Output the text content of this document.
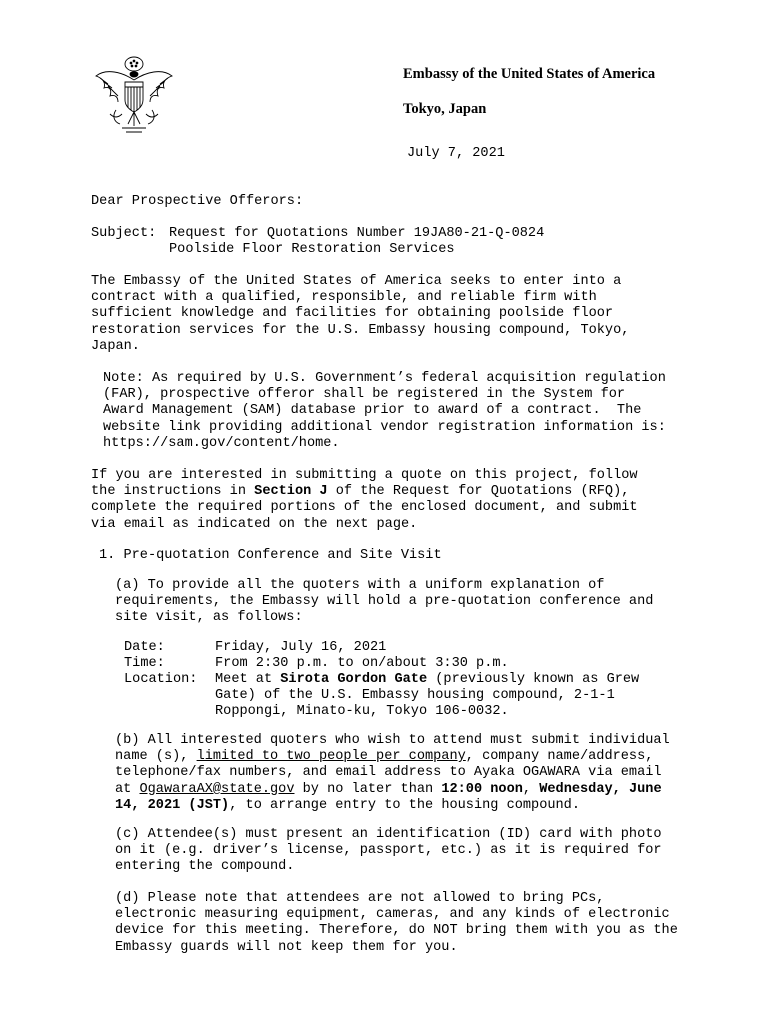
Embassy of the United States of America
Tokyo, Japan
July 7, 2021
Dear Prospective Offerors:
Subject: Request for Quotations Number 19JA80-21-Q-0824
Poolside Floor Restoration Services
The Embassy of the United States of America seeks to enter into a
contract with a qualified, responsible, and reliable firm with
sufficient knowledge and facilities for obtaining poolside floor
restoration services for the U.S. Embassy housing compound, Tokyo,
Japan.
Note: As required by U.S. Government’s federal acquisition regulation
(FAR), prospective offeror shall be registered in the System for
Award Management (SAM) database prior to award of a contract.  The
website link providing additional vendor registration information is:
https://sam.gov/content/home.
If you are interested in submitting a quote on this project, follow
the instructions in Section J of the Request for Quotations (RFQ),
complete the required portions of the enclosed document, and submit
via email as indicated on the next page.
1. Pre-quotation Conference and Site Visit
(a) To provide all the quoters with a uniform explanation of
requirements, the Embassy will hold a pre-quotation conference and
site visit, as follows:
Date:	Friday, July 16, 2021
Time:	From 2:30 p.m. to on/about 3:30 p.m.
Location: Meet at Sirota Gordon Gate (previously known as Grew
Gate) of the U.S. Embassy housing compound, 2-1-1
Roppongi, Minato-ku, Tokyo 106-0032.
(b) All interested quoters who wish to attend must submit individual
name (s), limited to two people per company, company name/address,
telephone/fax numbers, and email address to Ayaka OGAWARA via email
at OgawaraAX@state.gov by no later than 12:00 noon, Wednesday, June
14, 2021 (JST), to arrange entry to the housing compound.
(c) Attendee(s) must present an identification (ID) card with photo
on it (e.g. driver’s license, passport, etc.) as it is required for
entering the compound.
(d) Please note that attendees are not allowed to bring PCs,
electronic measuring equipment, cameras, and any kinds of electronic
device for this meeting. Therefore, do NOT bring them with you as the
Embassy guards will not keep them for you.
